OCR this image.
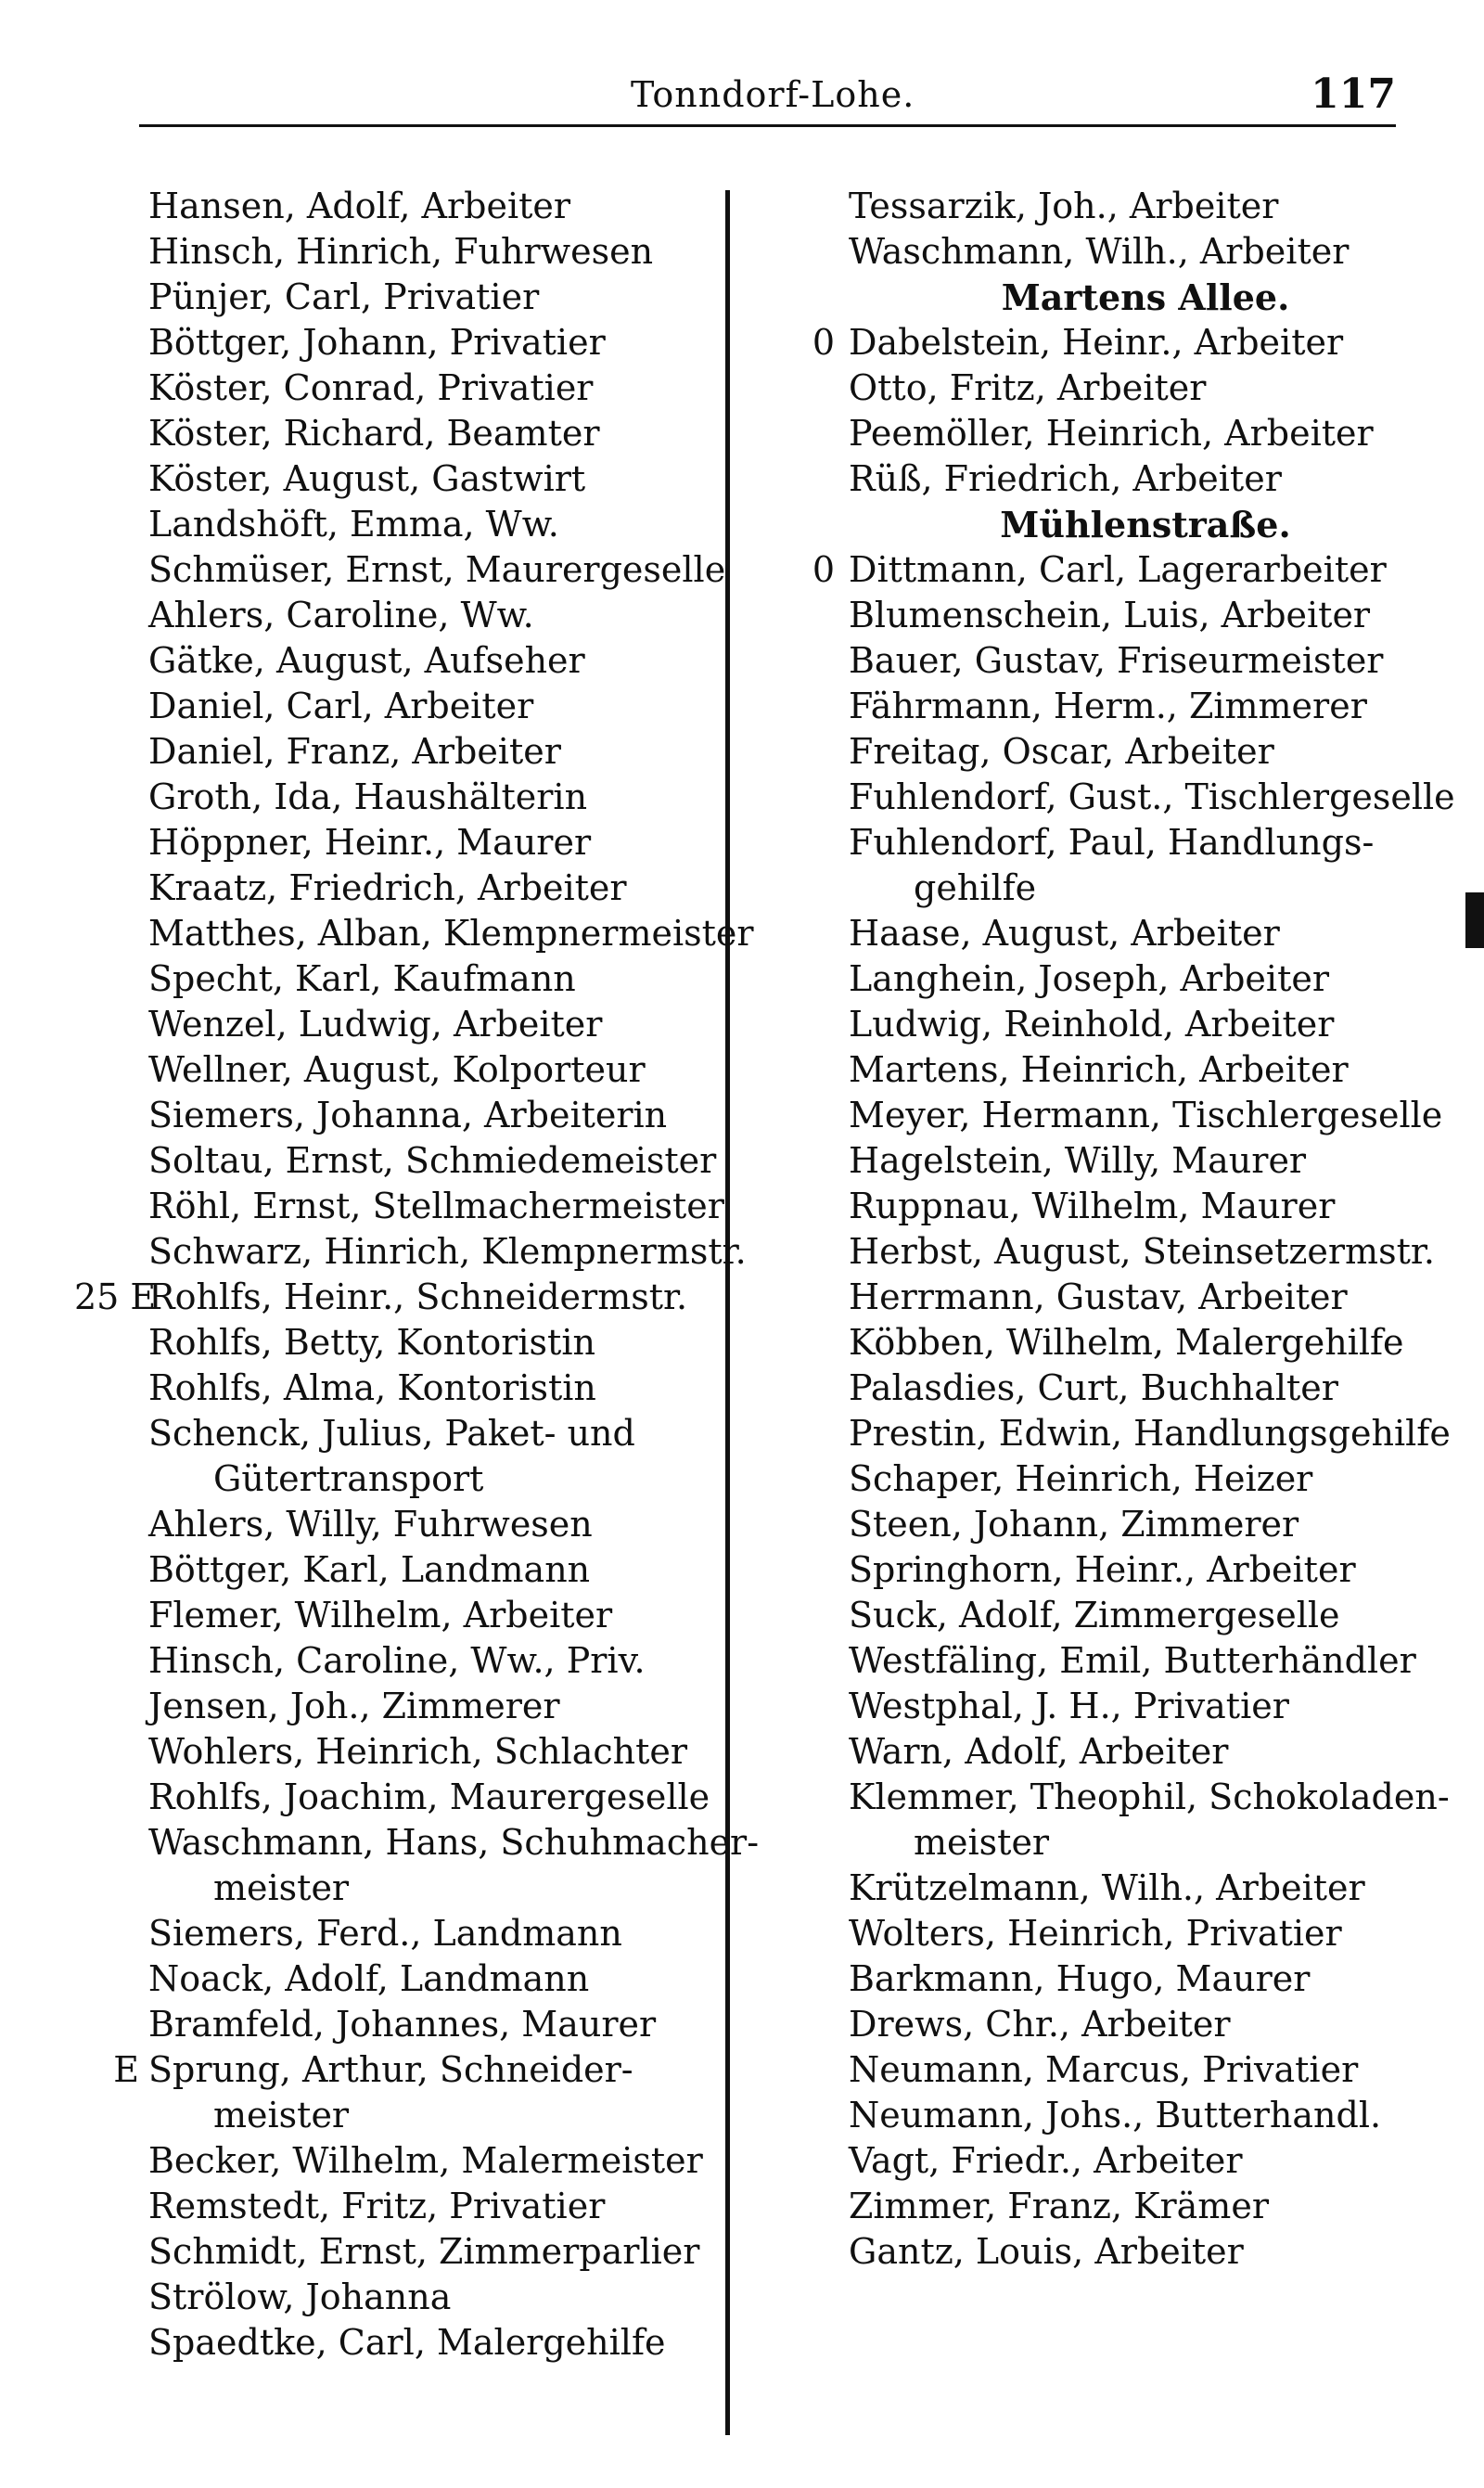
Tonndorf-Lohe.	117
Hansen, Adolf, Arbeiter
Hinsch, Hinrich, Fuhrwesen
Pünjer, Carl, Privatier
Böttger, Johann, Privatier
Köster, Conrad, Privatier
Köster, Richard, Beamter
Köster, August, Gastwirt
Landshöft, Emma, Ww.
Schmüser, Ernst, Maurergeselle
Ahlers, Caroline, Ww.
Gätke, August, Aufseher
Daniel, Carl, Arbeiter
Daniel, Franz, Arbeiter
Groth, Ida, Haushälterin
Höppner, Heinr., Maurer
Kraatz, Friedrich, Arbeiter
Matthes, Alban, Klempnermeister
Specht, Karl, Kaufmann
Wenzel, Ludwig, Arbeiter
Wellner, August, Kolporteur
Siemers, Johanna, Arbeiterin
Soltau, Ernst, Schmiedemeister
Röhl, Ernst, Stellmachermeister
Schwarz, Hinrich, Klempnermstr.
25 E
Rohlfs, Heinr., Schneidermstr.
Rohlfs, Betty, Kontoristin
Rohlfs, Alma, Kontoristin
Schenck, Julius, Paket- und
Gütertransport
Ahlers, Willy, Fuhrwesen
Böttger, Karl, Landmann
Flemer, Wilhelm, Arbeiter
Hinsch, Caroline, Ww., Priv.
Jensen, Joh., Zimmerer
Wohlers, Heinrich, Schlachter
Rohlfs, Joachim, Maurergeselle
Waschmann, Hans, Schuhmacher-
meister
Siemers, Ferd., Landmann
Noack, Adolf, Landmann
Bramfeld, Johannes, Maurer
E Sprung, Arthur, Schneider-
meister
Becker, Wilhelm, Malermeister
Remstedt, Fritz, Privatier
Schmidt, Ernst, Zimmerparlier
Strölow, Johanna
Spaedtke, Carl, Malergehilfe
Tessarzik, Joh., Arbeiter
Waschmann, Wilh., Arbeiter
Martens Allee.
0 Dabelstein, Heinr., Arbeiter
Otto, Fritz, Arbeiter
Peemöller, Heinrich, Arbeiter
Rüß, Friedrich, Arbeiter
Mühlenstraße.
0 Dittmann, Carl, Lagerarbeiter
Blumenschein, Luis, Arbeiter
Bauer, Gustav, Friseurmeister
Fährmann, Herm., Zimmerer
Freitag, Oscar, Arbeiter
Fuhlendorf, Gust., Tischlergeselle
Fuhlendorf, Paul, Handlungs-
gehilfe
Haase, August, Arbeiter
Langhein, Joseph, Arbeiter
Ludwig, Reinhold, Arbeiter
Martens, Heinrich, Arbeiter
Meyer, Hermann, Tischlergeselle
Hagelstein, Willy, Maurer
Ruppnau, Wilhelm, Maurer
Herbst, August, Steinsetzermstr.
Herrmann, Gustav, Arbeiter
Köbben, Wilhelm, Malergehilfe
Palasdies, Curt, Buchhalter
Prestin, Edwin, Handlungsgehilfe
Schaper, Heinrich, Heizer
Steen, Johann, Zimmerer
Springhorn, Heinr., Arbeiter
Suck, Adolf, Zimmergeselle
Westfäling, Emil, Butterhändler
Westphal, J. H., Privatier
Warn, Adolf, Arbeiter
Klemmer, Theophil, Schokoladen-
meister
Krützelmann, Wilh., Arbeiter
Wolters, Heinrich, Privatier
Barkmann, Hugo, Maurer
Drews, Chr., Arbeiter
Neumann, Marcus, Privatier
Neumann, Johs., Butterhandl.
Vagt, Friedr., Arbeiter
Zimmer, Franz, Krämer
Gantz, Louis, Arbeiter
